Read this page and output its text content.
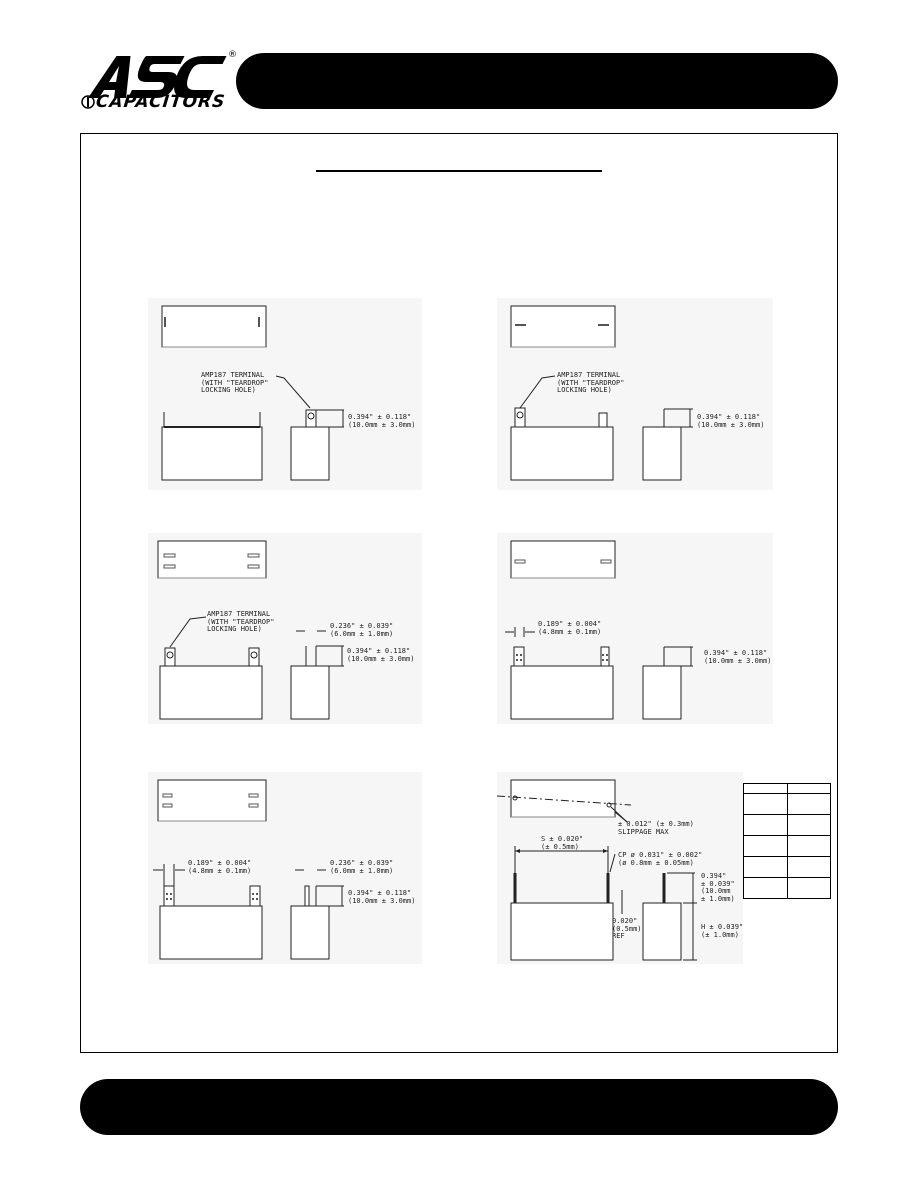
®
CAPACITORS

AMP187 TERMINAL
(WITH "TEARDROP"
LOCKING HOLE)

0.394" ± 0.118"
(10.0mm ± 3.0mm)

AMP187 TERMINAL
(WITH "TEARDROP"
LOCKING HOLE)

0.394" ± 0.118"
(10.0mm ± 3.0mm)

AMP187 TERMINAL
(WITH "TEARDROP"
LOCKING HOLE)	0.236" ± 0.039"
(6.0mm ± 1.0mm)

0.394" ± 0.118"
(10.0mm ± 3.0mm)

0.189" ± 0.004"
(4.8mm ± 0.1mm)

0.394" ± 0.118"
(10.0mm ± 3.0mm)

0.189" ± 0.004"
(4.8mm ± 0.1mm)

0.236" ± 0.039"
(6.0mm ± 1.0mm)

0.394" ± 0.118"
(10.0mm ± 3.0mm)

± 0.012" (± 0.3mm)
SLIPPAGE MAX

S ± 0.020"
(± 0.5mm)

CP ø 0.031" ± 0.002"
(ø 0.8mm ± 0.05mm)

0.394"
± 0.039"
(10.0mm
± 1.0mm)

0.020"
(0.5mm)
REF

H ± 0.039"
(± 1.0mm)
